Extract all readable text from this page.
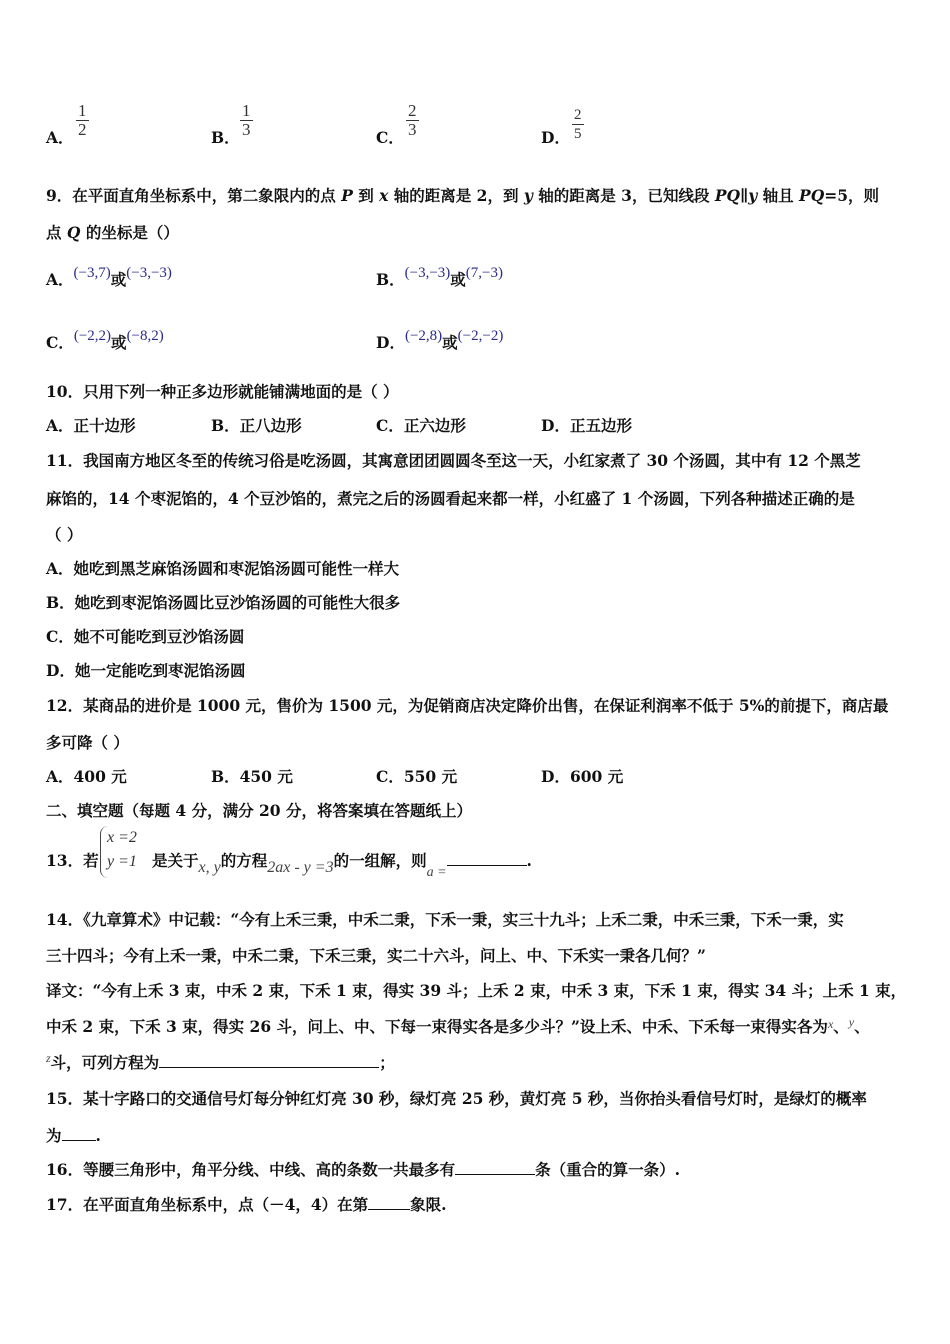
A． $\frac{1}{2}$	B． $\frac{1}{3}$	C． $\frac{2}{3}$	D． $\frac{2}{5}$
9．在平面直角坐标系中，第二象限内的点 P 到 x 轴的距离是 2，到 y 轴的距离是 3，已知线段 PQ∥y 轴且 PQ=5，则
点 Q 的坐标是（）
A．(−3,7)或(−3,−3)	B．(−3,−3)或(7,−3)
C．(−2,2)或(−8,2)	D．(−2,8)或(−2,−2)
10．只用下列一种正多边形就能铺满地面的是（ ）
A．正十边形	B．正八边形	C．正六边形	D．正五边形
11．我国南方地区冬至的传统习俗是吃汤圆，其寓意团团圆圆冬至这一天，小红家煮了 30 个汤圆，其中有 12 个黑芝
麻馅的，14 个枣泥馅的，4 个豆沙馅的，煮完之后的汤圆看起来都一样，小红盛了 1 个汤圆，下列各种描述正确的是
（ ）
A．她吃到黑芝麻馅汤圆和枣泥馅汤圆可能性一样大
B．她吃到枣泥馅汤圆比豆沙馅汤圆的可能性大很多
C．她不可能吃到豆沙馅汤圆
D．她一定能吃到枣泥馅汤圆
12．某商品的进价是 1000 元，售价为 1500 元，为促销商店决定降价出售，在保证利润率不低于 5%的前提下，商店最
多可降（ ）
A．400 元	B．450 元	C．550 元	D．600 元
二、填空题（每题 4 分，满分 20 分，将答案填在答题纸上）
13．若
x =2
y =1 是关于x, y的方程2ax - y =3的一组解，则a =.
14．《九章算术》中记载：“今有上禾三秉，中禾二秉，下禾一秉，实三十九斗；上禾二秉，中禾三秉，下禾一秉，实
三十四斗；今有上禾一秉，中禾二秉，下禾三秉，实二十六斗，问上、中、下禾实一秉各几何？”
译文：“今有上禾 3 束，中禾 2 束，下禾 1 束，得实 39 斗；上禾 2 束，中禾 3 束，下禾 1 束，得实 34 斗；上禾 1 束，
中禾 2 束，下禾 3 束，得实 26 斗，问上、中、下每一束得实各是多少斗？”设上禾、中禾、下禾每一束得实各为$^x$、$^y$、
$^z$斗，可列方程为	；
15．某十字路口的交通信号灯每分钟红灯亮 30 秒，绿灯亮 25 秒，黄灯亮 5 秒，当你抬头看信号灯时，是绿灯的概率
为 .
16．等腰三角形中，角平分线、中线、高的条数一共最多有	条（重合的算一条）.
17．在平面直角坐标系中，点（－4，4）在第	象限.
